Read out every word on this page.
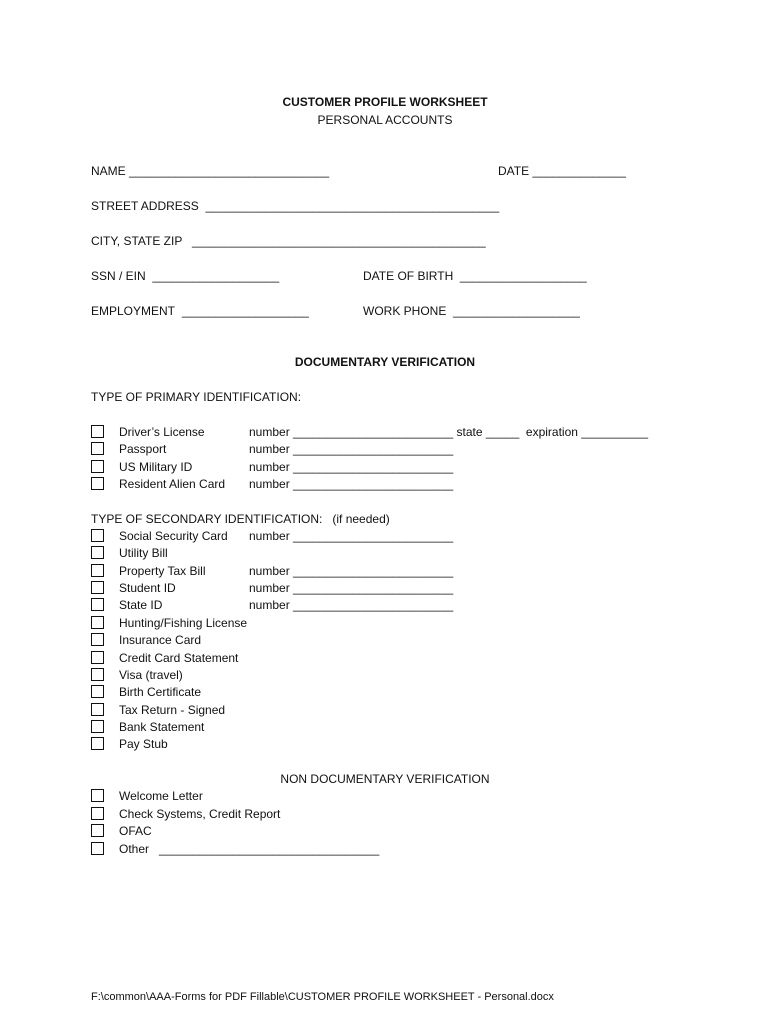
CUSTOMER PROFILE WORKSHEET
PERSONAL ACCOUNTS
NAME ______________________________	DATE ______________
STREET ADDRESS  ____________________________________________
CITY, STATE ZIP ____________________________________________
SSN / EIN  ___________________	DATE OF BIRTH  ___________________
EMPLOYMENT ___________________	WORK PHONE ___________________
DOCUMENTARY VERIFICATION
TYPE OF PRIMARY IDENTIFICATION:
Driver’s License	number ________________________ state _____  expiration __________
Passport	number ________________________
US Military ID	number ________________________
Resident Alien Card number ________________________
TYPE OF SECONDARY IDENTIFICATION:   (if needed)
Social Security Card number ________________________
Utility Bill
Property Tax Bill	number ________________________
Student ID	number ________________________
State ID	number ________________________
Hunting/Fishing License
Insurance Card
Credit Card Statement
Visa (travel)
Birth Certificate
Tax Return - Signed
Bank Statement
Pay Stub
NON DOCUMENTARY VERIFICATION
Welcome Letter
Check Systems, Credit Report
OFAC
Other   _________________________________
F:\common\AAA-Forms for PDF Fillable\CUSTOMER PROFILE WORKSHEET - Personal.docx
